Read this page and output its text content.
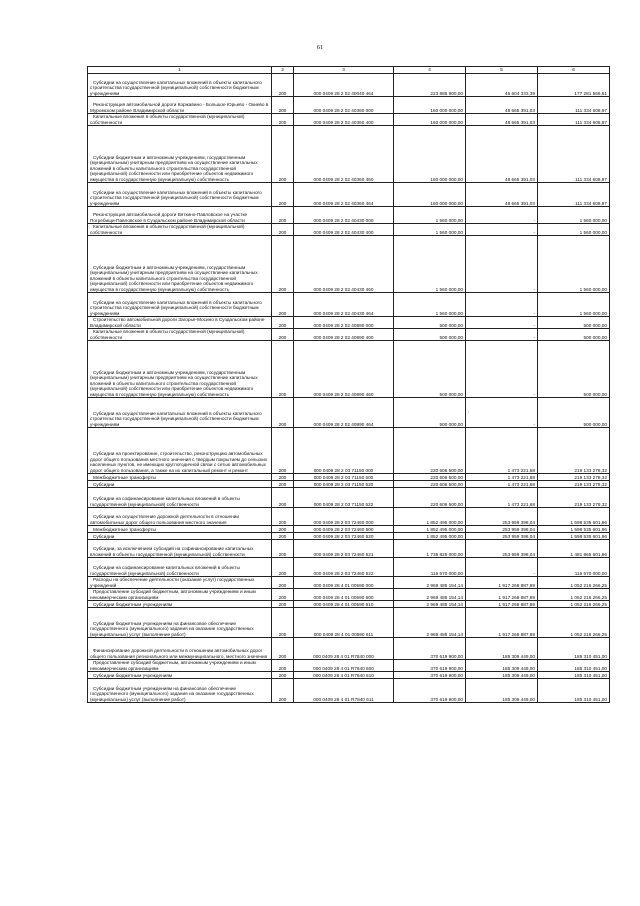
61
1	2	3	4	5	6
Субсидии на осуществление капитальных вложений в объекты капитального строительства государственной (муниципальной) собственности бюджетным учреждениям	200	000 0409 28 2 02 40040 464	223 885 900,00	46 604 333,39	177 281 566,61
Реконструкция автомобильной дороги Коржавино - Большое Юрьево - Окиево в Муромском районе Владимирской области	200	000 0409 28 2 02 40360 000	160 000 000,00	48 665 391,03	111 334 608,97
Капитальные вложения в объекты государственной (муниципальной) собственности	200	000 0409 28 2 02 40360 400	160 000 000,00	48 665 391,03	111 334 608,97
Субсидии бюджетным и автономным учреждениям, государственным (муниципальным) унитарным предприятиям на осуществление капитальных вложений в объекты капитального строительства государственной (муниципальной) собственности или приобретение объектов недвижимого имущества в государственную (муниципальную) собственность	200	000 0409 28 2 02 40360 460	160 000 000,00	48 665 391,03	111 334 608,97
Субсидии на осуществление капитальных вложений в объекты капитального строительства государственной (муниципальной) собственности бюджетным учреждениям	200	000 0409 28 2 02 40360 464	160 000 000,00	48 665 391,03	111 334 608,97
Реконструкция автомобильной дороги Вяткино-Павловское на участке Погребищи-Павловское в Суздальском районе Владимирской области	200	000 0409 28 2 02 40430 000	1 560 000,00	-	1 560 000,00
Капитальные вложения в объекты государственной (муниципальной) собственности	200	000 0409 28 2 02 40430 400	1 560 000,00	-	1 560 000,00
Субсидии бюджетным и автономным учреждениям, государственным (муниципальным) унитарным предприятиям на осуществление капитальных вложений в объекты капитального строительства государственной (муниципальной) собственности или приобретение объектов недвижимого имущества в государственную (муниципальную) собственность	200	000 0409 28 2 02 40430 460	1 560 000,00	-	1 560 000,00
Субсидии на осуществление капитальных вложений в объекты капитального строительства государственной (муниципальной) собственности бюджетным учреждениям	200	000 0409 28 2 02 40430 464	1 560 000,00	-	1 560 000,00
Строительство автомобильной дороги Загорье-Мосино в Суздальском районе Владимирской области	200	000 0409 28 2 02 40890 000	500 000,00	-	500 000,00
Капитальные вложения в объекты государственной (муниципальной) собственности	200	000 0409 28 2 02 40890 400	500 000,00	-	500 000,00
Субсидии бюджетным и автономным учреждениям, государственным (муниципальным) унитарным предприятиям на осуществление капитальных вложений в объекты капитального строительства государственной (муниципальной) собственности или приобретение объектов недвижимого имущества в государственную (муниципальную) собственность	200	000 0409 28 2 02 40890 460	500 000,00	-	500 000,00
Субсидии на осуществление капитальных вложений в объекты капитального строительства государственной (муниципальной) собственности бюджетным учреждениям	200	000 0409 28 2 02 40890 464	500 000,00	-	500 000,00
Субсидии на проектирование, строительство, реконструкцию автомобильных дорог общего пользования местного значения с твердым покрытием до сельских населенных пунктов, не имеющих круглогодичной связи с сетью автомобильных дорог общего пользования, а также на их капитальный ремонт и ремонт	200	000 0409 28 2 03 71150 000	220 606 500,00	1 473 221,68	219 133 278,32
Межбюджетные трансферты	200	000 0409 28 2 03 71150 500	220 606 500,00	1 473 221,68	219 133 278,32
Субсидии	200	000 0409 28 2 03 71150 520	220 606 500,00	1 473 221,68	219 133 278,32
Субсидии на софинансирование капитальных вложений в объекты государственной (муниципальной) собственности	200	000 0409 28 2 03 71150 522	220 606 500,00	1 473 221,68	219 133 278,32
Субсидии на осуществление дорожной деятельности в отношении автомобильных дорог общего пользования местного значения	200	000 0409 28 2 03 72460 000	1 852 495 000,00	253 959 398,04	1 598 535 601,96
Межбюджетные трансферты	200	000 0409 28 2 03 72460 500	1 852 495 000,00	253 959 398,04	1 598 535 601,96
Субсидии	200	000 0409 28 2 03 72460 520	1 852 495 000,00	253 959 398,04	1 598 535 601,96
Субсидии, за исключением субсидий на софинансирование капитальных вложений в объекты государственной (муниципальной) собственности	200	000 0409 28 2 03 72460 521	1 735 825 000,00	253 959 398,04	1 481 865 601,96
Субсидии на софинансирование капитальных вложений в объекты государственной (муниципальной) собственности	200	000 0409 28 2 03 72460 522	116 670 000,00	-	116 670 000,00
Расходы на обеспечение деятельности (оказание услуг) государственных учреждений	200	000 0409 28 4 01 00590 000	2 969 485 154,14	1 917 268 887,89	1 052 216 266,25
Предоставление субсидий бюджетным, автономным учреждениям и иным некоммерческим организациям	200	000 0409 28 4 01 00590 600	2 969 485 154,14	1 917 268 887,89	1 052 216 266,25
Субсидии бюджетным учреждениям	200	000 0409 28 4 01 00590 610	2 969 485 154,14	1 917 268 887,89	1 052 216 266,25
Субсидии бюджетным учреждениям на финансовое обеспечение государственного (муниципального) задания на оказание государственных (муниципальных) услуг (выполнение работ)	200	000 0409 28 4 01 00590 611	2 969 485 154,14	1 917 268 887,89	1 052 216 266,25
Финансирование дорожной деятельности в отношении автомобильных дорог общего пользования регионального или межмуниципального, местного значения	200	000 0409 28 4 01 R7840 000	370 619 900,00	185 309 449,00	185 310 451,00
Предоставление субсидий бюджетным, автономным учреждениям и иным некоммерческим организациям	200	000 0409 28 4 01 R7840 600	370 619 900,00	185 309 449,00	185 310 451,00
Субсидии бюджетным учреждениям	200	000 0409 28 4 01 R7840 610	370 619 900,00	185 309 449,00	185 310 451,00
Субсидии бюджетным учреждениям на финансовое обеспечение государственного (муниципального) задания на оказание государственных (муниципальных) услуг (выполнение работ)	200	000 0409 28 4 01 R7840 611	370 619 900,00	185 309 449,00	185 310 451,00
,
